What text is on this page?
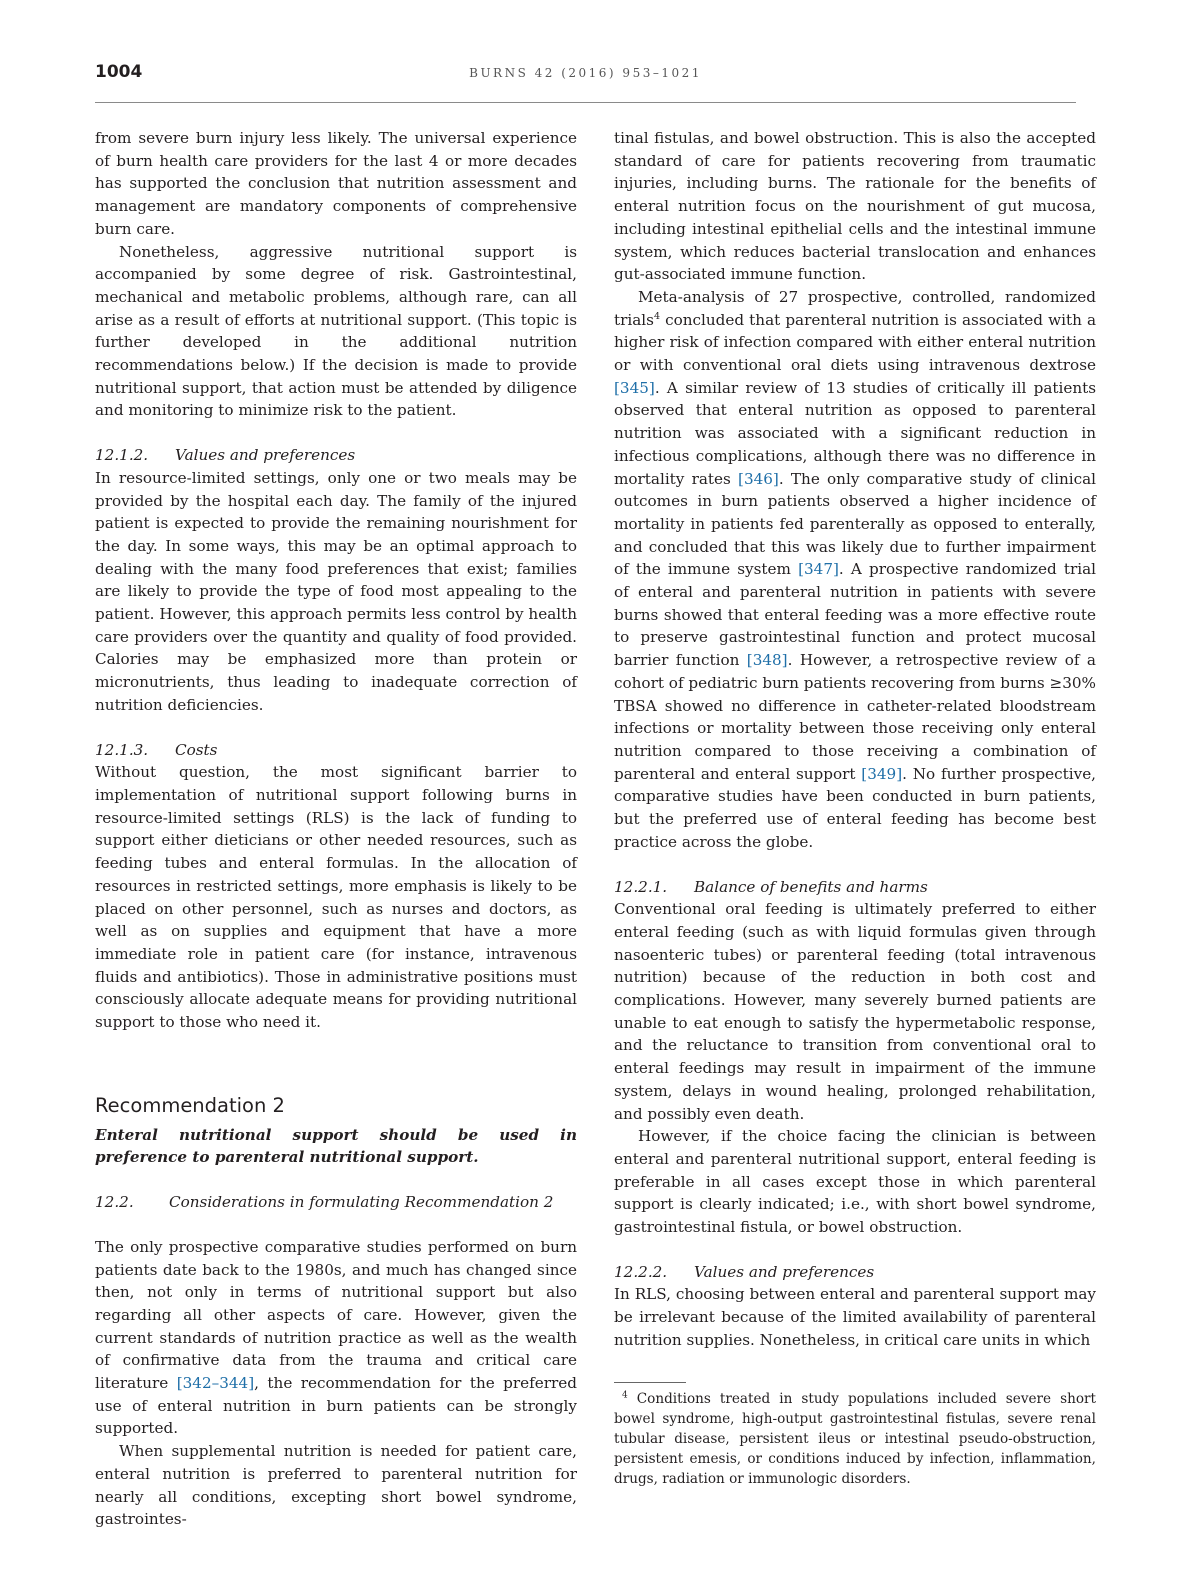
1004	BURNS 42 (2016) 953–1021

from severe burn injury less likely. The universal experience of burn health care providers for the last 4 or more decades has supported the conclusion that nutrition assessment and management are mandatory components of comprehensive burn care.

Nonetheless, aggressive nutritional support is accompanied by some degree of risk. Gastrointestinal, mechanical and metabolic problems, although rare, can all arise as a result of efforts at nutritional support. (This topic is further developed in the additional nutrition recommendations below.) If the decision is made to provide nutritional support, that action must be attended by diligence and monitoring to minimize risk to the patient.

12.1.2. Values and preferences

In resource-limited settings, only one or two meals may be provided by the hospital each day. The family of the injured patient is expected to provide the remaining nourishment for the day. In some ways, this may be an optimal approach to dealing with the many food preferences that exist; families are likely to provide the type of food most appealing to the patient. However, this approach permits less control by health care providers over the quantity and quality of food provided. Calories may be emphasized more than protein or micronutrients, thus leading to inadequate correction of nutrition deficiencies.

12.1.3. Costs

Without question, the most significant barrier to implementation of nutritional support following burns in resource-limited settings (RLS) is the lack of funding to support either dieticians or other needed resources, such as feeding tubes and enteral formulas. In the allocation of resources in restricted settings, more emphasis is likely to be placed on other personnel, such as nurses and doctors, as well as on supplies and equipment that have a more immediate role in patient care (for instance, intravenous fluids and antibiotics). Those in administrative positions must consciously allocate adequate means for providing nutritional support to those who need it.

Recommendation 2

Enteral nutritional support should be used in preference to parenteral nutritional support.

12.2. Considerations in formulating Recommendation 2

The only prospective comparative studies performed on burn patients date back to the 1980s, and much has changed since then, not only in terms of nutritional support but also regarding all other aspects of care. However, given the current standards of nutrition practice as well as the wealth of confirmative data from the trauma and critical care literature [342–344], the recommendation for the preferred use of enteral nutrition in burn patients can be strongly supported.

When supplemental nutrition is needed for patient care, enteral nutrition is preferred to parenteral nutrition for nearly all conditions, excepting short bowel syndrome, gastrointes-

tinal fistulas, and bowel obstruction. This is also the accepted standard of care for patients recovering from traumatic injuries, including burns. The rationale for the benefits of enteral nutrition focus on the nourishment of gut mucosa, including intestinal epithelial cells and the intestinal immune system, which reduces bacterial translocation and enhances gut-associated immune function.

Meta-analysis of 27 prospective, controlled, randomized trials$^4$ concluded that parenteral nutrition is associated with a higher risk of infection compared with either enteral nutrition or with conventional oral diets using intravenous dextrose [345]. A similar review of 13 studies of critically ill patients observed that enteral nutrition as opposed to parenteral nutrition was associated with a significant reduction in infectious complications, although there was no difference in mortality rates [346]. The only comparative study of clinical outcomes in burn patients observed a higher incidence of mortality in patients fed parenterally as opposed to enterally, and concluded that this was likely due to further impairment of the immune system [347]. A prospective randomized trial of enteral and parenteral nutrition in patients with severe burns showed that enteral feeding was a more effective route to preserve gastrointestinal function and protect mucosal barrier function [348]. However, a retrospective review of a cohort of pediatric burn patients recovering from burns ≥30% TBSA showed no difference in catheter-related bloodstream infections or mortality between those receiving only enteral nutrition compared to those receiving a combination of parenteral and enteral support [349]. No further prospective, comparative studies have been conducted in burn patients, but the preferred use of enteral feeding has become best practice across the globe.

12.2.1. Balance of benefits and harms

Conventional oral feeding is ultimately preferred to either enteral feeding (such as with liquid formulas given through nasoenteric tubes) or parenteral feeding (total intravenous nutrition) because of the reduction in both cost and complications. However, many severely burned patients are unable to eat enough to satisfy the hypermetabolic response, and the reluctance to transition from conventional oral to enteral feedings may result in impairment of the immune system, delays in wound healing, prolonged rehabilitation, and possibly even death.

However, if the choice facing the clinician is between enteral and parenteral nutritional support, enteral feeding is preferable in all cases except those in which parenteral support is clearly indicated; i.e., with short bowel syndrome, gastrointestinal fistula, or bowel obstruction.

12.2.2. Values and preferences

In RLS, choosing between enteral and parenteral support may be irrelevant because of the limited availability of parenteral nutrition supplies. Nonetheless, in critical care units in which

$^4$ Conditions treated in study populations included severe short bowel syndrome, high-output gastrointestinal fistulas, severe renal tubular disease, persistent ileus or intestinal pseudo-obstruction, persistent emesis, or conditions induced by infection, inflammation, drugs, radiation or immunologic disorders.
